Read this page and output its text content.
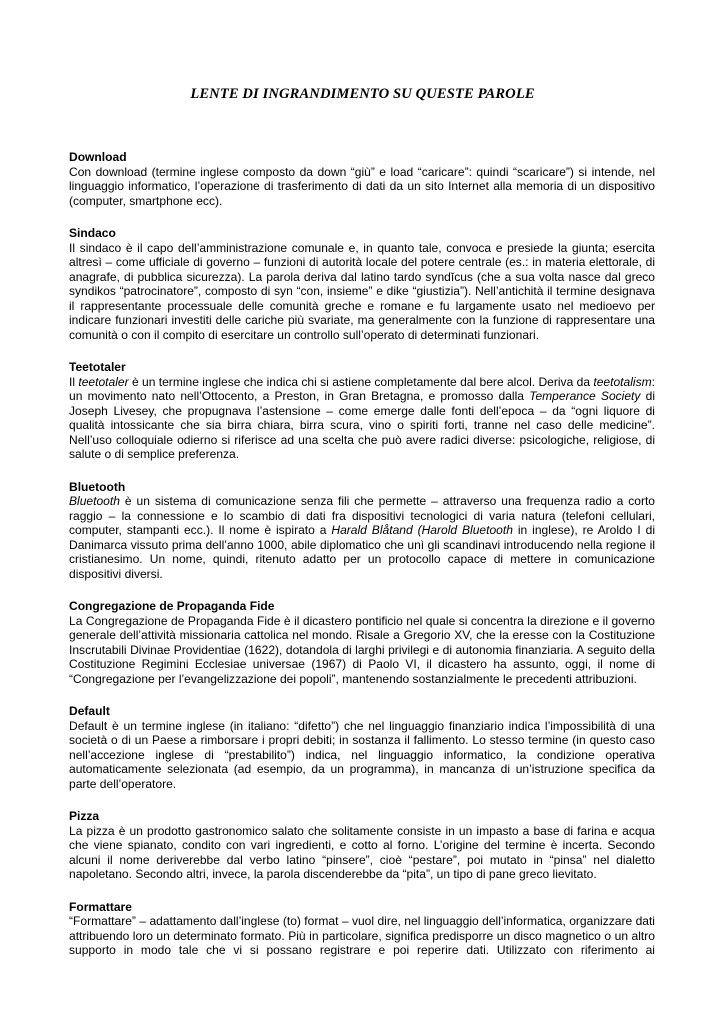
LENTE DI INGRANDIMENTO SU QUESTE PAROLE
Download
Con download (termine inglese composto da down “giù” e load “caricare”: quindi “scaricare”) si intende, nel linguaggio informatico, l’operazione di trasferimento di dati da un sito Internet alla memoria di un dispositivo (computer, smartphone ecc).
Sindaco
Il sindaco è il capo dell’amministrazione comunale e, in quanto tale, convoca e presiede la giunta; esercita altresì – come ufficiale di governo – funzioni di autorità locale del potere centrale (es.: in materia elettorale, di anagrafe, di pubblica sicurezza). La parola deriva dal latino tardo syndĭcus (che a sua volta nasce dal greco syndikos “patrocinatore”, composto di syn “con, insieme” e dike “giustizia”). Nell’antichità il termine designava il rappresentante processuale delle comunità greche e romane e fu largamente usato nel medioevo per indicare funzionari investiti delle cariche più svariate, ma generalmente con la funzione di rappresentare una comunità o con il compito di esercitare un controllo sull’operato di determinati funzionari.
Teetotaler
Il teetotaler è un termine inglese che indica chi si astiene completamente dal bere alcol. Deriva da teetotalism: un movimento nato nell’Ottocento, a Preston, in Gran Bretagna, e promosso dalla Temperance Society di Joseph Livesey, che propugnava l’astensione – come emerge dalle fonti dell’epoca – da “ogni liquore di qualità intossicante che sia birra chiara, birra scura, vino o spiriti forti, tranne nel caso delle medicine”. Nell’uso colloquiale odierno si riferisce ad una scelta che può avere radici diverse: psicologiche, religiose, di salute o di semplice preferenza.
Bluetooth
Bluetooth è un sistema di comunicazione senza fili che permette – attraverso una frequenza radio a corto raggio – la connessione e lo scambio di dati fra dispositivi tecnologici di varia natura (telefoni cellulari, computer, stampanti ecc.). Il nome è ispirato a Harald Blåtand (Harold Bluetooth in inglese), re Aroldo I di Danimarca vissuto prima dell’anno 1000, abile diplomatico che unì gli scandinavi introducendo nella regione il cristianesimo. Un nome, quindi, ritenuto adatto per un protocollo capace di mettere in comunicazione dispositivi diversi.
Congregazione de Propaganda Fide
La Congregazione de Propaganda Fide è il dicastero pontificio nel quale si concentra la direzione e il governo generale dell’attività missionaria cattolica nel mondo. Risale a Gregorio XV, che la eresse con la Costituzione Inscrutabili Divinae Providentiae (1622), dotandola di larghi privilegi e di autonomia finanziaria. A seguito della Costituzione Regimini Ecclesiae universae (1967) di Paolo VI, il dicastero ha assunto, oggi, il nome di “Congregazione per l’evangelizzazione dei popoli”, mantenendo sostanzialmente le precedenti attribuzioni.
Default
Default è un termine inglese (in italiano: “difetto”) che nel linguaggio finanziario indica l’impossibilità di una società o di un Paese a rimborsare i propri debiti; in sostanza il fallimento. Lo stesso termine (in questo caso nell’accezione inglese di “prestabilito”) indica, nel linguaggio informatico, la condizione operativa automaticamente selezionata (ad esempio, da un programma), in mancanza di un’istruzione specifica da parte dell’operatore.
Pizza
La pizza è un prodotto gastronomico salato che solitamente consiste in un impasto a base di farina e acqua che viene spianato, condito con vari ingredienti, e cotto al forno. L’origine del termine è incerta. Secondo alcuni il nome deriverebbe dal verbo latino “pinsere”, cioè “pestare”, poi mutato in “pinsa” nel dialetto napoletano. Secondo altri, invece, la parola discenderebbe da “pita”, un tipo di pane greco lievitato.
Formattare
“Formattare” – adattamento dall’inglese (to) format – vuol dire, nel linguaggio dell’informatica, organizzare dati attribuendo loro un determinato formato. Più in particolare, significa predisporre un disco magnetico o un altro supporto in modo tale che vi si possano registrare e poi reperire dati. Utilizzato con riferimento ai
